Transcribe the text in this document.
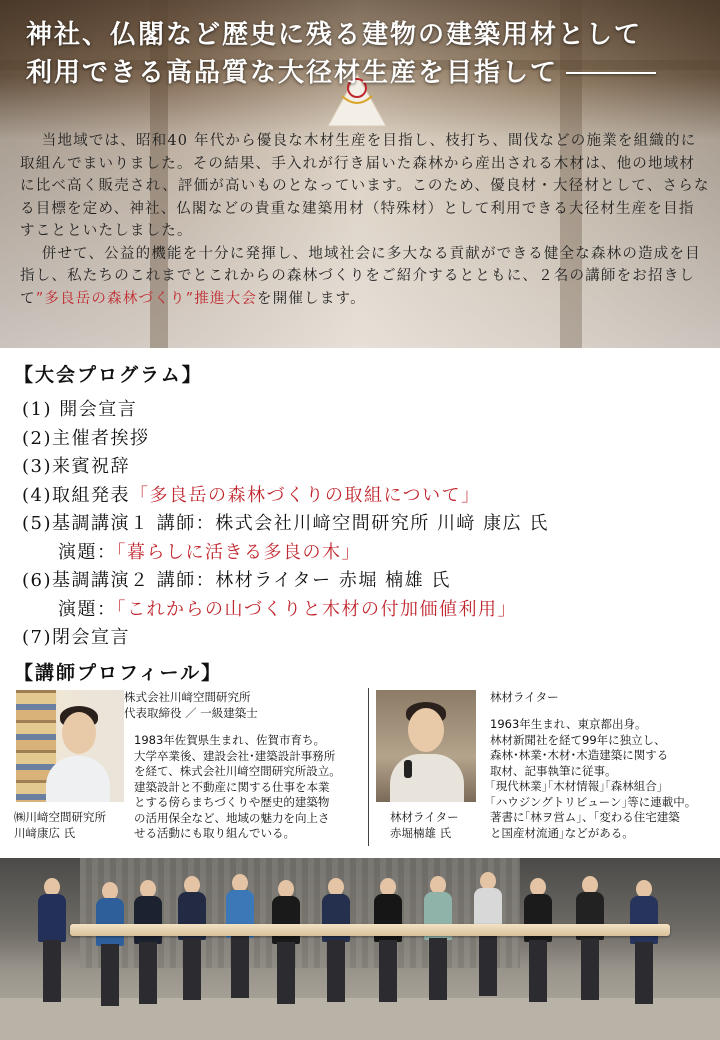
神社、仏閣など歴史に残る建物の建築用材として
利用できる高品質な大径材生産を目指して

当地域では、昭和40 年代から優良な木材生産を目指し、枝打ち、間伐などの施業を組織的に取組んでまいりました。その結果、手入れが行き届いた森林から産出される木材は、他の地域材に比べ高く販売され、評価が高いものとなっています。このため、優良材・大径材として、さらなる目標を定め、神社、仏閣などの貴重な建築用材（特殊材）として利用できる大径材生産を目指すことといたしました。

併せて、公益的機能を十分に発揮し、地域社会に多大なる貢献ができる健全な森林の造成を目指し、私たちのこれまでとこれからの森林づくりをご紹介するとともに、２名の講師をお招きして”多良岳の森林づくり”推進大会を開催します。

【大会プログラム】
(1) 開会宣言
(2)主催者挨拶
(3)来賓祝辞
(4)取組発表「多良岳の森林づくりの取組について」
(5)基調講演１ 講師：株式会社川﨑空間研究所 川﨑 康広 氏
演題：「暮らしに活きる多良の木」
(6)基調講演２ 講師：林材ライター 赤堀 楠雄 氏
演題：「これからの山づくりと木材の付加価値利用」
(7)閉会宣言
【講師プロフィール】
株式会社川﨑空間研究所
代表取締役 ／ 一級建築士
1983年佐賀県生まれ、佐賀市育ち。
大学卒業後、建設会社･建築設計事務所
を経て、株式会社川﨑空間研究所設立。
建築設計と不動産に関する仕事を本業
とする傍らまちづくりや歴史的建築物
の活用保全など、地域の魅力を向上さ
せる活動にも取り組んでいる。
㈱川﨑空間研究所
川﨑康広 氏
林材ライター
1963年生まれ、東京都出身。
林材新聞社を経て99年に独立し、
森林･林業･木材･木造建築に関する
取材、記事執筆に従事。
｢現代林業｣｢木材情報｣｢森林組合｣
｢ハウジングトリビューン｣等に連載中。
著書に｢林ヲ営ム｣、｢変わる住宅建築
と国産材流通｣などがある。
林材ライター
赤堀楠雄 氏
